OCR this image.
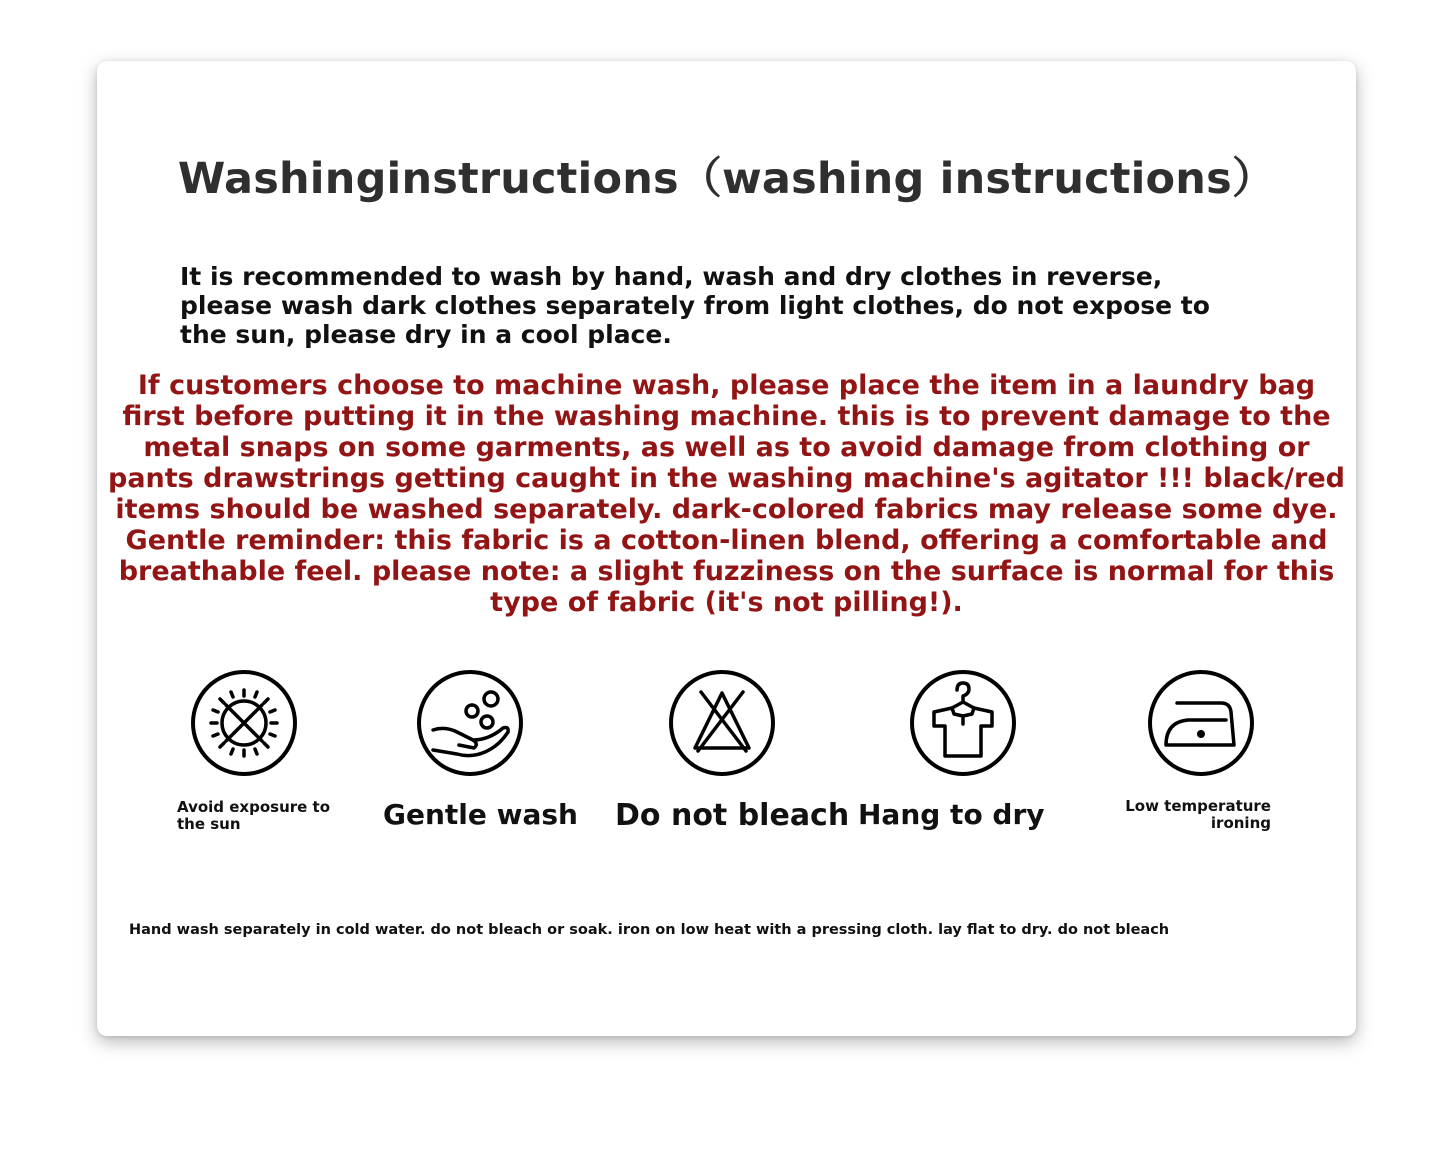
Washinginstructions（washing instructions）
It is recommended to wash by hand, wash and dry clothes in reverse, please wash dark clothes separately from light clothes, do not expose to the sun, please dry in a cool place.
If customers choose to machine wash, please place the item in a laundry bag first before putting it in the washing machine. this is to prevent damage to the metal snaps on some garments, as well as to avoid damage from clothing or pants drawstrings getting caught in the washing machine's agitator !!! black/red items should be washed separately. dark-colored fabrics may release some dye. Gentle reminder: this fabric is a cotton-linen blend, offering a comfortable and breathable feel. please note: a slight fuzziness on the surface is normal for this type of fabric (it's not pilling!).
Avoid exposure to the sun	Gentle wash Do not bleach Hang to dry	Low temperature ironing
Hand wash separately in cold water. do not bleach or soak. iron on low heat with a pressing cloth. lay flat to dry. do not bleach
